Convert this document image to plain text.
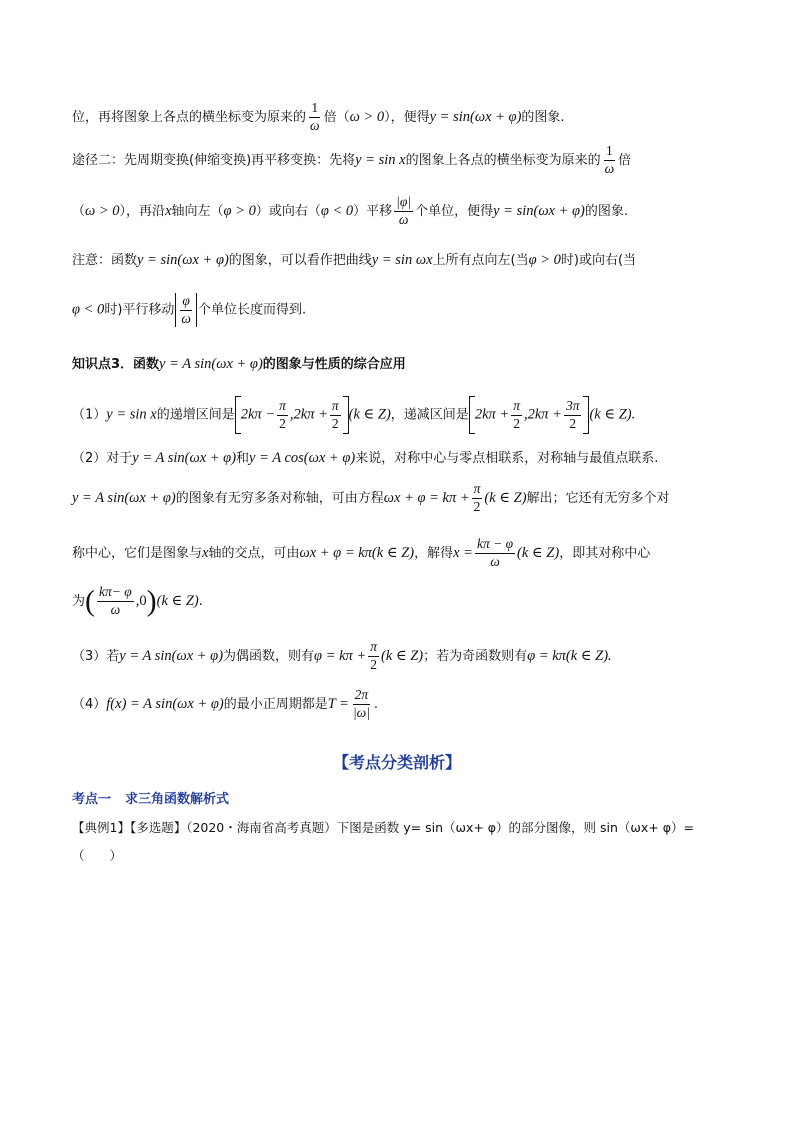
位，再将图象上各点的横坐标变为原来的 $\frac{1}{\omega}$ 倍（ω > 0），便得y = sin(ωx + φ)的图象.
途径二：先周期变换(伸缩变换)再平移变换：先将y = sin x的图象上各点的横坐标变为原来的 $\frac{1}{\omega}$ 倍
（ω > 0），再沿x轴向左（φ > 0）或向右（φ < 0）平移 $\frac{|\varphi|}{\omega}$ 个单位，便得y = sin(ωx + φ)的图象.
注意：函数y = sin(ωx + φ)的图象，可以看作把曲线y = sin ωx上所有点向左(当φ > 0时)或向右(当
φ < 0时)平行移动 $\frac{\varphi}{\omega}$ 个单位长度而得到.
知识点3．函数y = A sin(ωx + φ)的图象与性质的综合应用
（1）y = sin x的递增区间是 $2k\pi - \frac{\pi}{2} ,2k\pi + \frac{\pi}{2} (k$ ∈ Z)，递减区间是 $2k\pi + \frac{\pi}{2} ,2k\pi + \frac{3\pi}{2} (k$ ∈ Z).
（2）对于y = A sin(ωx + φ)和y = A cos(ωx + φ)来说，对称中心与零点相联系，对称轴与最值点联系.
y = A sin(ωx + φ)的图象有无穷多条对称轴，可由方程$\omega x + \varphi = k\pi + \frac{\pi}{2} (k$ ∈ Z)解出；它还有无穷多个对
称中心，它们是图象与x轴的交点，可由ωx + φ = kπ(k ∈ Z)，解得$x = \frac{k\pi - \varphi}{\omega} (k$ ∈ Z)，即其对称中心
为( $\frac{k\pi- \varphi}{\omega} ,0)(k$ ∈ Z).
（3）若y = A sin(ωx + φ)为偶函数，则有$\varphi = k\pi + \frac{\pi}{2} (k$ ∈ Z)；若为奇函数则有φ = kπ(k ∈ Z).
（4）f(x) = A sin(ωx + φ)的最小正周期都是$T = \frac{2\pi}{|\omega|}$ .
【考点分类剖析】
考点一 求三角函数解析式
【典例1】【多选题】（2020・海南省高考真题）下图是函数 y= sin（ωx+ φ）的部分图像，则 sin（ωx+ φ）=
（　　）
